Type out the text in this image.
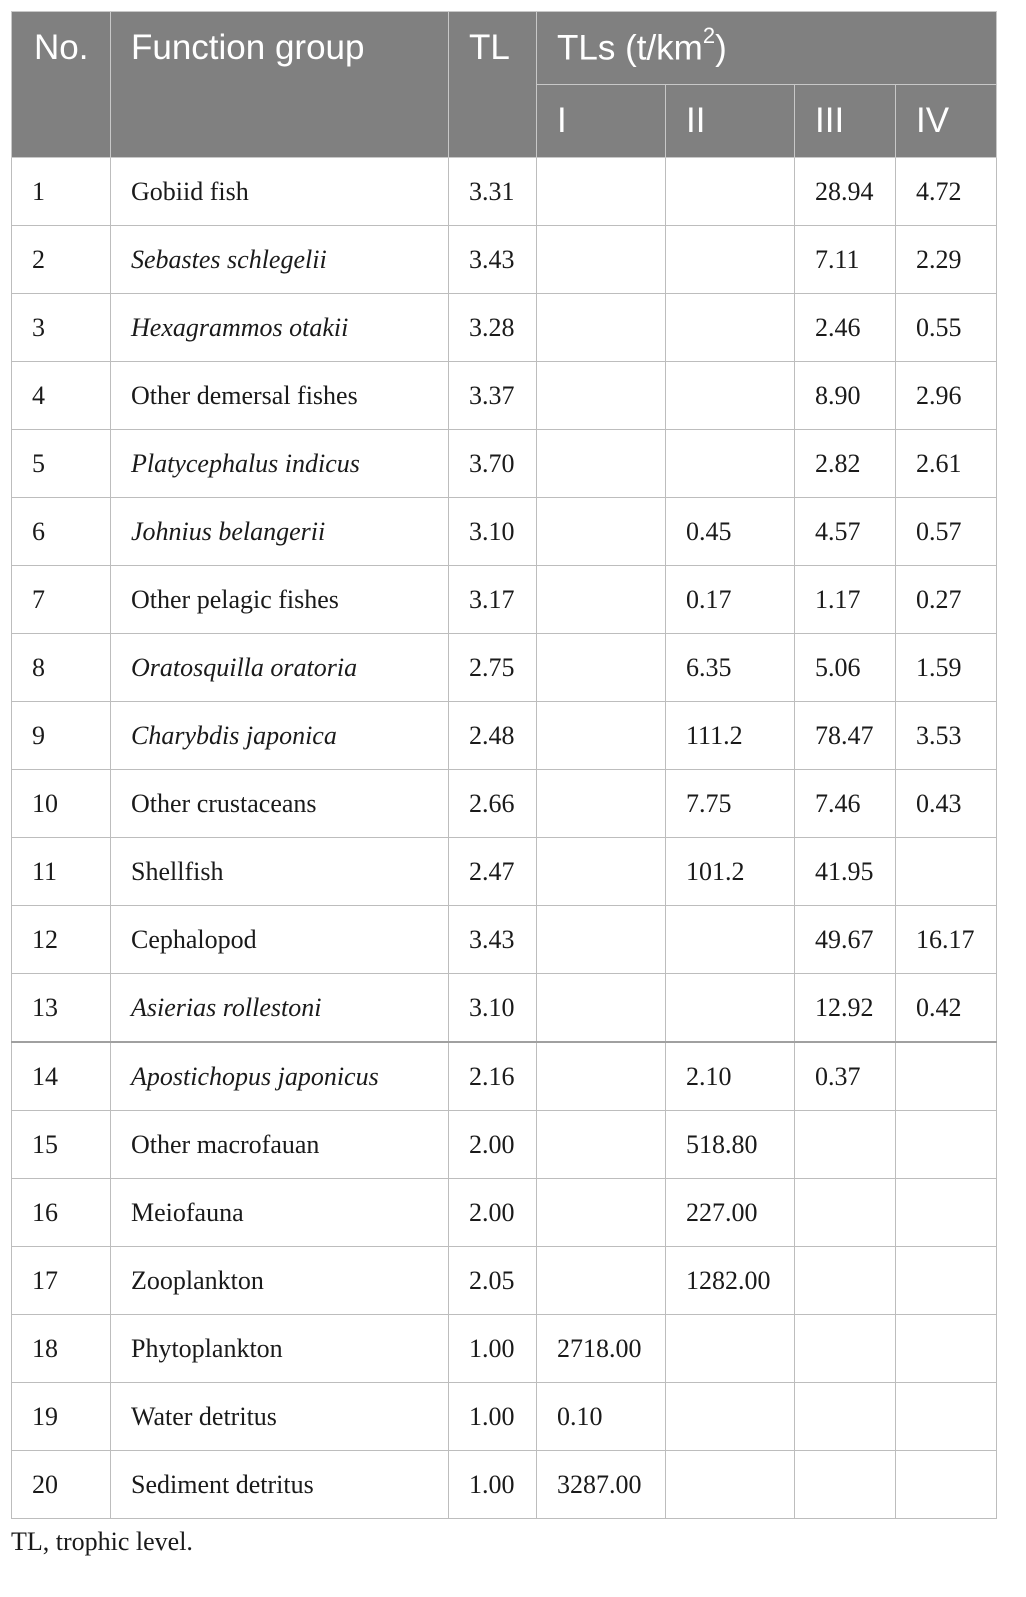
No.	Function group	TL	TLs $(t/km^2)$			
			I	II	III	IV
1	Gobiid fish	3.31			28.94	4.72
2	Sebastes schlegelii	3.43			7.11	2.29
3	Hexagrammos otakii	3.28			2.46	0.55
4	Other demersal fishes	3.37			8.90	2.96
5	Platycephalus indicus	3.70			2.82	2.61
6	Johnius belangerii	3.10		0.45	4.57	0.57
7	Other pelagic fishes	3.17		0.17	1.17	0.27
8	Oratosquilla oratoria	2.75		6.35	5.06	1.59
9	Charybdis japonica	2.48		111.2	78.47	3.53
10	Other crustaceans	2.66		7.75	7.46	0.43
11	Shellfish	2.47		101.2	41.95	
12	Cephalopod	3.43			49.67	16.17
13	Asierias rollestoni	3.10			12.92	0.42
14	Apostichopus japonicus	2.16		2.10	0.37	
15	Other macrofauan	2.00		518.80		
16	Meiofauna	2.00		227.00		
17	Zooplankton	2.05		1282.00		
18	Phytoplankton	1.00	2718.00			
19	Water detritus	1.00	0.10			
20	Sediment detritus	1.00	3287.00			
TL, trophic level.
